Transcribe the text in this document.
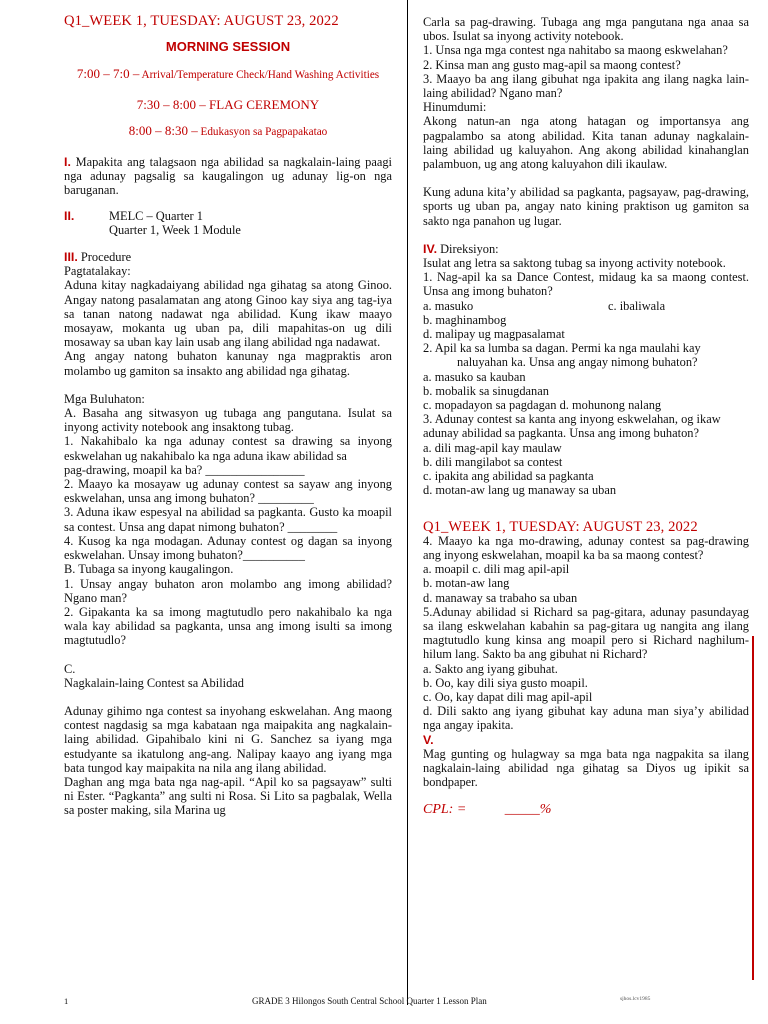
Q1_WEEK 1, TUESDAY: AUGUST 23, 2022

MORNING SESSION

7:00 – 7:0 – Arrival/Temperature Check/Hand Washing Activities

7:30 – 8:00 – FLAG CEREMONY

8:00 – 8:30 – Edukasyon sa Pagpapakatao

I. Mapakita ang talagsaon nga abilidad sa nagkalain-laing paagi nga adunay pagsalig sa kaugalingon ug adunay lig-on nga baruganan.

II.	MELC – Quarter 1

Quarter 1, Week 1 Module

III. Procedure

Pagtatalakay:

Aduna kitay nagkadaiyang abilidad nga gihatag sa atong Ginoo. Angay natong pasalamatan ang atong Ginoo kay siya ang tag-iya sa tanan natong nadawat nga abilidad. Kung ikaw maayo mosayaw, mokanta ug uban pa, dili mapahitas-on ug dili mosaway sa uban kay lain usab ang ilang abilidad nga nadawat.

Ang angay natong buhaton kanunay nga magpraktis aron molambo ug gamiton sa insakto ang abilidad nga gihatag.

Mga Buluhaton:

A. Basaha ang sitwasyon ug tubaga ang pangutana. Isulat sa inyong activity notebook ang insaktong tubag.

1. Nakahibalo ka nga adunay contest sa drawing sa inyong eskwelahan ug nakahibalo ka nga aduna ikaw abilidad sa

pag-drawing, moapil ka ba? ________________

2. Maayo ka mosayaw ug adunay contest sa sayaw ang inyong eskwelahan, unsa ang imong buhaton? _________

3. Aduna ikaw espesyal na abilidad sa pagkanta. Gusto ka moapil sa contest. Unsa ang dapat nimong buhaton? ________

4. Kusog ka nga modagan. Adunay contest og dagan sa inyong eskwelahan. Unsay imong buhaton?__________

B. Tubaga sa inyong kaugalingon.

1. Unsay angay buhaton aron molambo ang imong abilidad? Ngano man?

2. Gipakanta ka sa imong magtutudlo pero nakahibalo ka nga wala kay abilidad sa pagkanta, unsa ang imong isulti sa imong magtutudlo?

C.

Nagkalain-laing Contest sa Abilidad

Adunay gihimo nga contest sa inyohang eskwelahan. Ang maong contest nagdasig sa mga kabataan nga maipakita ang nagkalain-laing abilidad. Gipahibalo kini ni G. Sanchez sa iyang mga estudyante sa ikatulong ang-ang. Nalipay kaayo ang iyang mga bata tungod kay maipakita na nila ang ilang abilidad.

Daghan ang mga bata nga nag-apil. “Apil ko sa pagsayaw” sulti ni Ester. “Pagkanta” ang sulti ni Rosa. Si Lito sa pagbalak, Wella sa poster making, sila Marina ug

Carla sa pag-drawing. Tubaga ang mga pangutana nga anaa sa ubos. Isulat sa inyong activity notebook.

1. Unsa nga mga contest nga nahitabo sa maong eskwelahan?

2. Kinsa man ang gusto mag-apil sa maong contest?

3. Maayo ba ang ilang gibuhat nga ipakita ang ilang nagka lain-laing abilidad? Ngano man?

Hinumdumi:

Akong natun-an nga atong hatagan og importansya ang pagpalambo sa atong abilidad. Kita tanan adunay nagkalain- laing abilidad ug kaluyahon. Ang akong abilidad kinahanglan palambuon, ug ang atong kaluyahon dili ikaulaw.

Kung aduna kita’y abilidad sa pagkanta, pagsayaw, pag-drawing, sports ug uban pa, angay nato kining praktison ug gamiton sa sakto nga panahon ug lugar.

IV. Direksiyon:

Isulat ang letra sa saktong tubag sa inyong activity notebook.

1. Nag-apil ka sa Dance Contest, midaug ka sa maong contest. Unsa ang imong buhaton?

a. masuko	c. ibaliwala

b. maghinambog

d. malipay ug magpasalamat

2. Apil ka sa lumba sa dagan. Permi ka nga maulahi kay

naluyahan ka. Unsa ang angay nimong buhaton?

a. masuko sa kauban

b. mobalik sa sinugdanan

c. mopadayon sa pagdagan d. mohunong nalang

3. Adunay contest sa kanta ang inyong eskwelahan, og ikaw

adunay abilidad sa pagkanta. Unsa ang imong buhaton?

a. dili mag-apil kay maulaw

b. dili mangilabot sa contest

c. ipakita ang abilidad sa pagkanta

d. motan-aw lang ug manaway sa uban

Q1_WEEK 1, TUESDAY: AUGUST 23, 2022

4. Maayo ka nga mo-drawing, adunay contest sa pag-drawing ang inyong eskwelahan, moapil ka ba sa maong contest?

a. moapil c. dili mag apil-apil

b. motan-aw lang

d. manaway sa trabaho sa uban

5.Adunay abilidad si Richard sa pag-gitara, adunay pasundayag sa ilang eskwelahan kabahin sa pag-gitara ug nangita ang ilang magtutudlo kung kinsa ang moapil pero si Richard naghilum-hilum lang. Sakto ba ang gibuhat ni Richard?

a. Sakto ang iyang gibuhat.

b. Oo, kay dili siya gusto moapil.

c. Oo, kay dapat dili mag apil-apil

d. Dili sakto ang iyang gibuhat kay aduna man siya’y abilidad nga angay ipakita.

V.

Mag gunting og hulagway sa mga bata nga nagpakita sa ilang nagkalain-laing abilidad nga gihatag sa Diyos ug ipikit sa bondpaper.

CPL: =           _____%

1	GRADE 3 Hilongos South Central School Quarter 1 Lesson Plan	sjhos.lcv1985
